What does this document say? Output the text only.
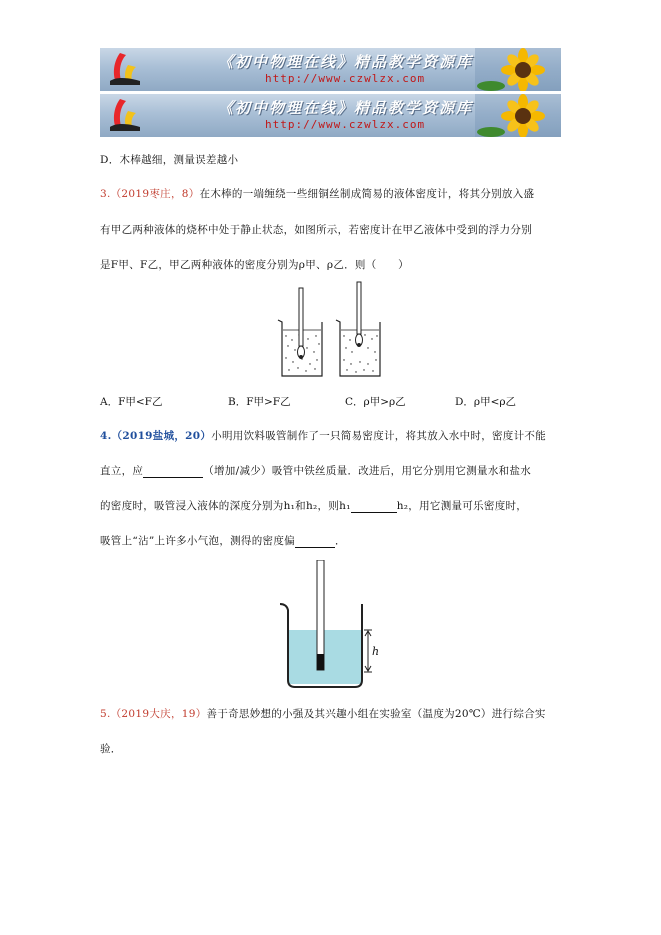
《初中物理在线》精品教学资源库
http://www.czwlzx.com
《初中物理在线》精品教学资源库
http://www.czwlzx.com
D．木棒越细，测量误差越小
3.（2019枣庄，8）在木棒的一端缠绕一些细铜丝制成简易的液体密度计，将其分别放入盛
有甲乙两种液体的烧杯中处于静止状态，如图所示，若密度计在甲乙液体中受到的浮力分别
是F甲、F乙，甲乙两种液体的密度分别为ρ甲、ρ乙．则（　　）
A．F甲<F乙	B．F甲>F乙	C．ρ甲>ρ乙	D．ρ甲<ρ乙
4.（2019盐城，20）小明用饮料吸管制作了一只简易密度计，将其放入水中时，密度计不能
直立，应	（增加/减少）吸管中铁丝质量．改进后，用它分别用它测量水和盐水
的密度时，吸管浸入液体的深度分别为h₁和h₂，则h₁	h₂，用它测量可乐密度时，
吸管上“沾”上许多小气泡，测得的密度偏	．
h
5.（2019大庆，19）善于奇思妙想的小强及其兴趣小组在实验室（温度为20℃）进行综合实
验．
